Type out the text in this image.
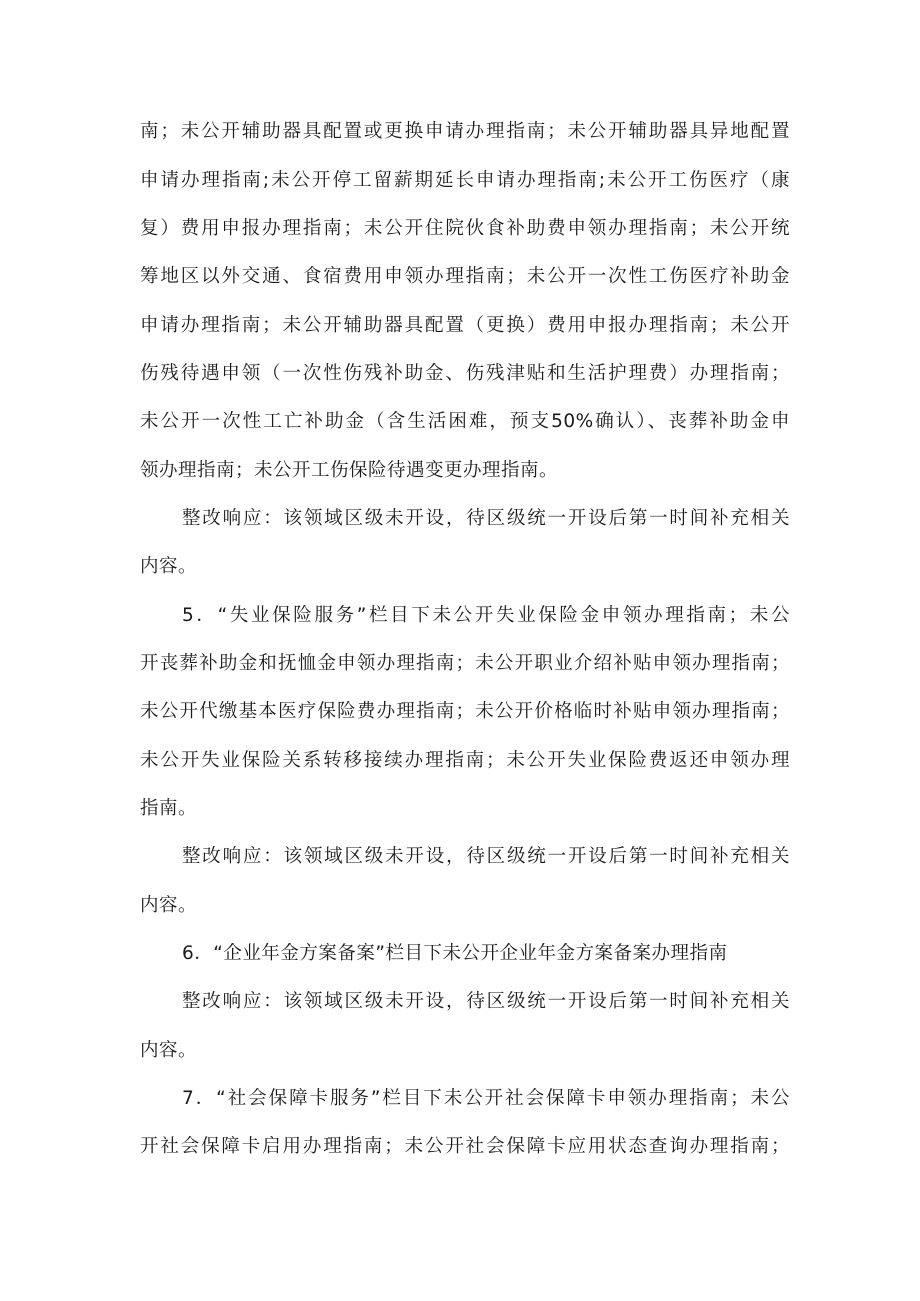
南；未公开辅助器具配置或更换申请办理指南；未公开辅助器具异地配置
申请办理指南;未公开停工留薪期延长申请办理指南;未公开工伤医疗（康
复）费用申报办理指南；未公开住院伙食补助费申领办理指南；未公开统
筹地区以外交通、食宿费用申领办理指南；未公开一次性工伤医疗补助金
申请办理指南；未公开辅助器具配置（更换）费用申报办理指南；未公开
伤残待遇申领（一次性伤残补助金、伤残津贴和生活护理费）办理指南；
未公开一次性工亡补助金（含生活困难，预支50%确认）、丧葬补助金申
领办理指南；未公开工伤保险待遇变更办理指南。
整改响应：该领域区级未开设，待区级统一开设后第一时间补充相关
内容。
5．“失业保险服务”栏目下未公开失业保险金申领办理指南；未公
开丧葬补助金和抚恤金申领办理指南；未公开职业介绍补贴申领办理指南；
未公开代缴基本医疗保险费办理指南；未公开价格临时补贴申领办理指南；
未公开失业保险关系转移接续办理指南；未公开失业保险费返还申领办理
指南。
整改响应：该领域区级未开设，待区级统一开设后第一时间补充相关
内容。
6．“企业年金方案备案”栏目下未公开企业年金方案备案办理指南
整改响应：该领域区级未开设，待区级统一开设后第一时间补充相关
内容。
7．“社会保障卡服务”栏目下未公开社会保障卡申领办理指南；未公
开社会保障卡启用办理指南；未公开社会保障卡应用状态查询办理指南；
